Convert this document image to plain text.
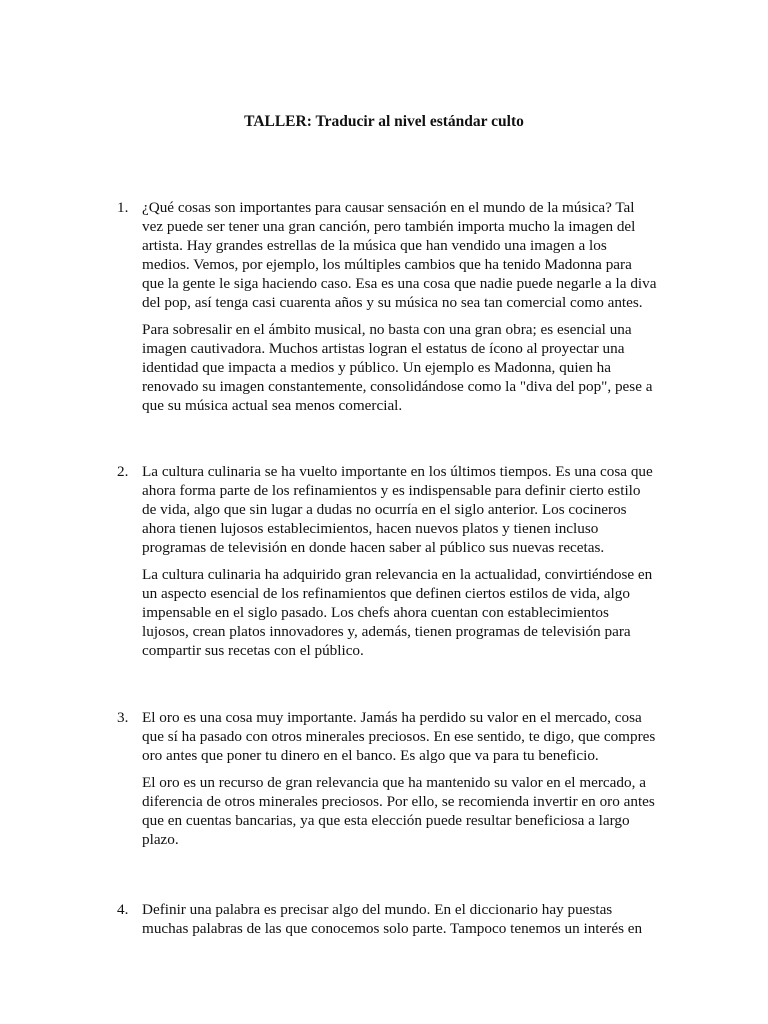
TALLER: Traducir al nivel estándar culto
1. ¿Qué cosas son importantes para causar sensación en el mundo de la música? Tal vez puede ser tener una gran canción, pero también importa mucho la imagen del artista. Hay grandes estrellas de la música que han vendido una imagen a los medios. Vemos, por ejemplo, los múltiples cambios que ha tenido Madonna para que la gente le siga haciendo caso. Esa es una cosa que nadie puede negarle a la diva del pop, así tenga casi cuarenta años y su música no sea tan comercial como antes.

Para sobresalir en el ámbito musical, no basta con una gran obra; es esencial una imagen cautivadora. Muchos artistas logran el estatus de ícono al proyectar una identidad que impacta a medios y público. Un ejemplo es Madonna, quien ha renovado su imagen constantemente, consolidándose como la "diva del pop", pese a que su música actual sea menos comercial.

2. La cultura culinaria se ha vuelto importante en los últimos tiempos. Es una cosa que ahora forma parte de los refinamientos y es indispensable para definir cierto estilo de vida, algo que sin lugar a dudas no ocurría en el siglo anterior. Los cocineros ahora tienen lujosos establecimientos, hacen nuevos platos y tienen incluso programas de televisión en donde hacen saber al público sus nuevas recetas.

La cultura culinaria ha adquirido gran relevancia en la actualidad, convirtiéndose en un aspecto esencial de los refinamientos que definen ciertos estilos de vida, algo impensable en el siglo pasado. Los chefs ahora cuentan con establecimientos lujosos, crean platos innovadores y, además, tienen programas de televisión para compartir sus recetas con el público.

3. El oro es una cosa muy importante. Jamás ha perdido su valor en el mercado, cosa que sí ha pasado con otros minerales preciosos. En ese sentido, te digo, que compres oro antes que poner tu dinero en el banco. Es algo que va para tu beneficio.

El oro es un recurso de gran relevancia que ha mantenido su valor en el mercado, a diferencia de otros minerales preciosos. Por ello, se recomienda invertir en oro antes que en cuentas bancarias, ya que esta elección puede resultar beneficiosa a largo plazo.

4. Definir una palabra es precisar algo del mundo. En el diccionario hay puestas muchas palabras de las que conocemos solo parte. Tampoco tenemos un interés en
